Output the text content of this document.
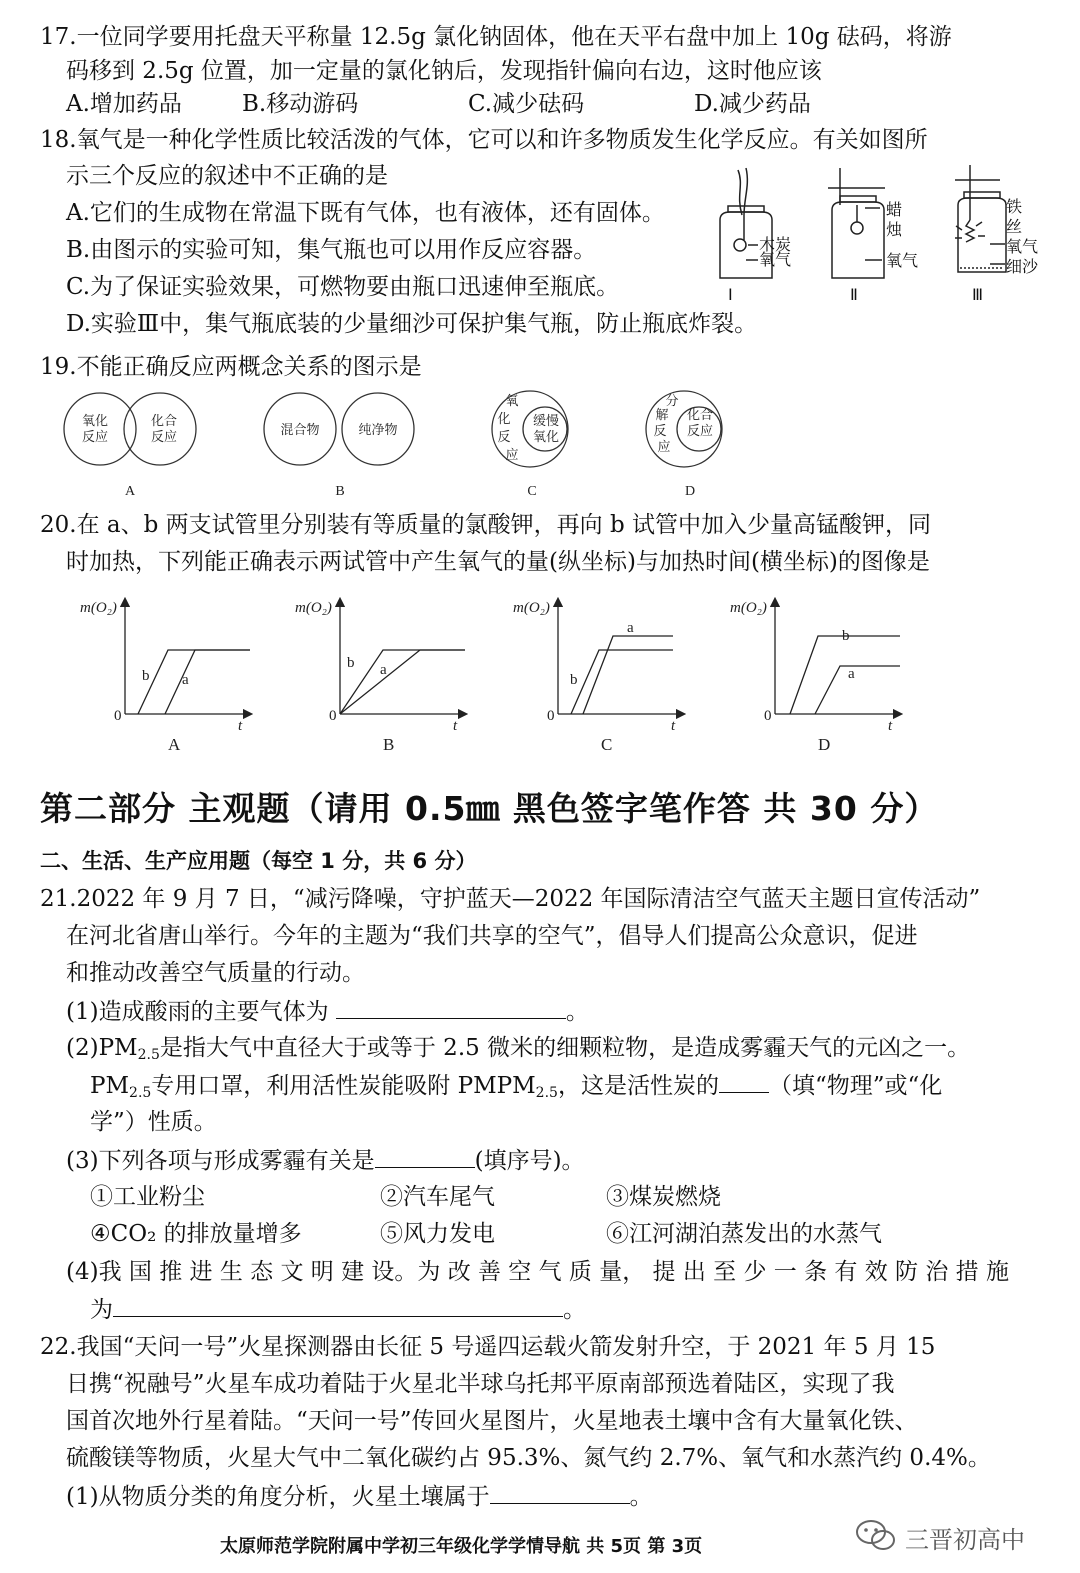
17.一位同学要用托盘天平称量 12.5g 氯化钠固体，他在天平右盘中加上 10g 砝码，将游
码移到 2.5g 位置，加一定量的氯化钠后，发现指针偏向右边，这时他应该
A.增加药品	B.移动游码	C.减少砝码	D.减少药品
18.氧气是一种化学性质比较活泼的气体，它可以和许多物质发生化学反应。有关如图所
示三个反应的叙述中不正确的是
A.它们的生成物在常温下既有气体，也有液体，还有固体。
B.由图示的实验可知，集气瓶也可以用作反应容器。
C.为了保证实验效果，可燃物要由瓶口迅速伸至瓶底。
D.实验Ⅲ中，集气瓶底装的少量细沙可保护集气瓶，防止瓶底炸裂。
木炭
氧气
蜡
烛
氧气
铁
丝
氧气
细沙
Ⅰ	Ⅱ	Ⅲ
19.不能正确反应两概念关系的图示是
氧化
反应
化合
反应	混合物	纯净物
氧
化
反
应
缓慢
氧化
分
解
反
应
化合
反应
A	B	C	D
20.在 a、b 两支试管里分别装有等质量的氯酸钾，再向 b 试管中加入少量高锰酸钾，同
时加热，下列能正确表示两试管中产生氧气的量(纵坐标)与加热时间(横坐标)的图像是
m(O₂)
t
0
b a
A
m(O₂)
t
0
b a
B
m(O₂)
t
0
b
a
C
m(O₂)
t
0
b
a
D
第二部分 主观题（请用 0.5㎜ 黑色签字笔作答 共 30 分）
二、生活、生产应用题（每空 1 分，共 6 分）
21.2022 年 9 月 7 日，“减污降噪，守护蓝天—2022 年国际清洁空气蓝天主题日宣传活动”
在河北省唐山举行。今年的主题为“我们共享的空气”，倡导人们提高公众意识，促进
和推动改善空气质量的行动。
(1)造成酸雨的主要气体为	。
$(2)PM_{2.5}$是指大气中直径大于或等于 2.5 微米的细颗粒物，是造成雾霾天气的元凶之一。
$PM_{2.5}$专用口罩，利用活性炭能吸附 $PMPM_{2.5}$，这是活性炭的 （填“物理”或“化
学”）性质。
(3)下列各项与形成雾霾有关是	(填序号)。
①工业粉尘	②汽车尾气	③煤炭燃烧
④CO₂ 的排放量增多	⑤风力发电	⑥江河湖泊蒸发出的水蒸气
(4)我 国 推 进 生 态 文 明 建 设。为 改 善 空 气 质 量， 提 出 至 少 一 条 有 效 防 治 措 施
为	。
22.我国“天问一号”火星探测器由长征 5 号遥四运载火箭发射升空，于 2021 年 5 月 15
日携“祝融号”火星车成功着陆于火星北半球乌托邦平原南部预选着陆区，实现了我
国首次地外行星着陆。“天问一号”传回火星图片，火星地表土壤中含有大量氧化铁、
硫酸镁等物质，火星大气中二氧化碳约占 95.3%、氮气约 2.7%、氧气和水蒸汽约 0.4%。
(1)从物质分类的角度分析，火星土壤属于	。
太原师范学院附属中学初三年级化学学情导航 共 5页 第 3页	三晋初高中
